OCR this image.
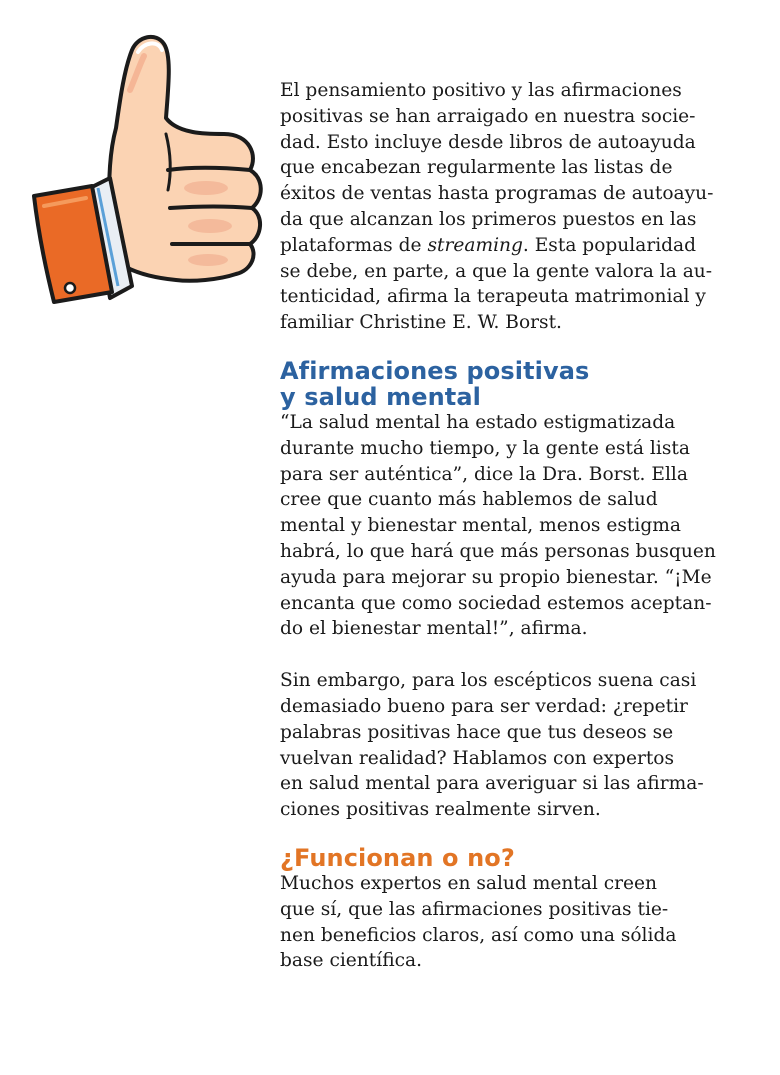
El pensamiento positivo y las afirmaciones
positivas se han arraigado en nuestra socie-
dad. Esto incluye desde libros de autoayuda
que encabezan regularmente las listas de
éxitos de ventas hasta programas de autoayu-
da que alcanzan los primeros puestos en las
plataformas de streaming. Esta popularidad
se debe, en parte, a que la gente valora la au-
tenticidad, afirma la terapeuta matrimonial y
familiar Christine E. W. Borst.
Afirmaciones positivas
y salud mental
“La salud mental ha estado estigmatizada
durante mucho tiempo, y la gente está lista
para ser auténtica”, dice la Dra. Borst. Ella
cree que cuanto más hablemos de salud
mental y bienestar mental, menos estigma
habrá, lo que hará que más personas busquen
ayuda para mejorar su propio bienestar. “¡Me
encanta que como sociedad estemos aceptan-
do el bienestar mental!”, afirma.
Sin embargo, para los escépticos suena casi
demasiado bueno para ser verdad: ¿repetir
palabras positivas hace que tus deseos se
vuelvan realidad? Hablamos con expertos
en salud mental para averiguar si las afirma-
ciones positivas realmente sirven.
¿Funcionan o no?
Muchos expertos en salud mental creen
que sí, que las afirmaciones positivas tie-
nen beneficios claros, así como una sólida
base científica.
